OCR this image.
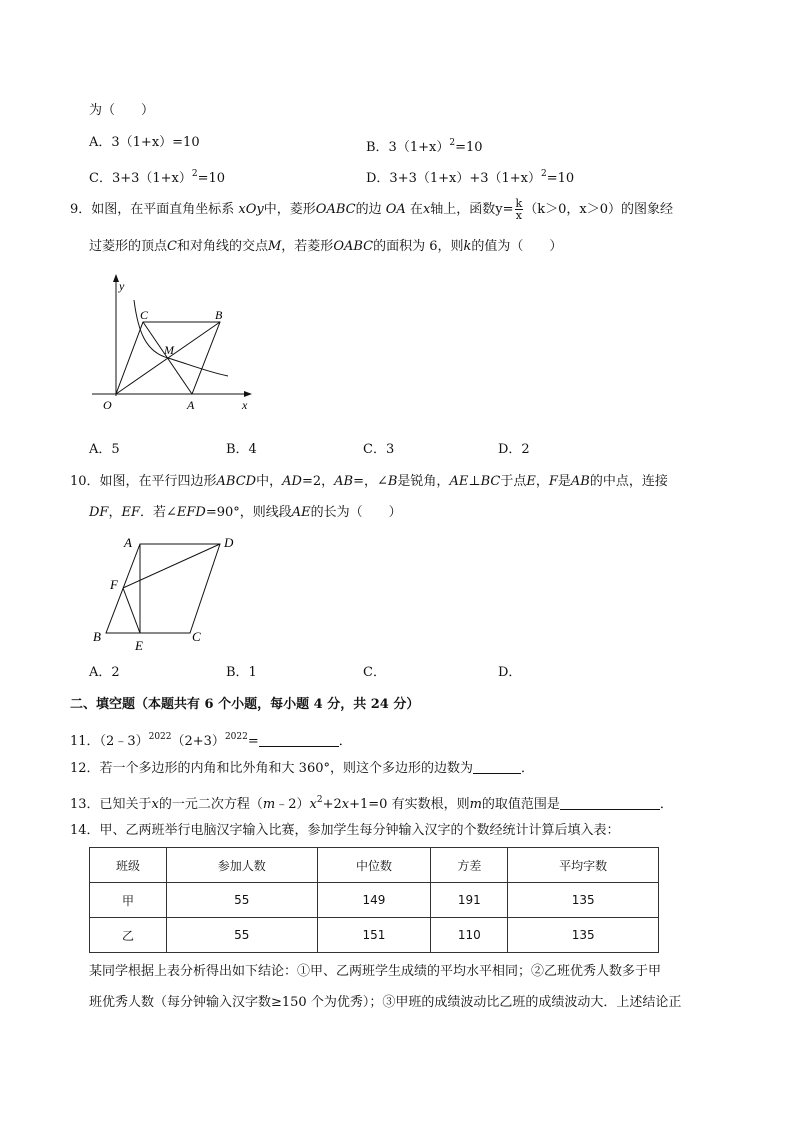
为（　　）
A．3（1+x）=10	B．$3(1+x)^2=10$
C．$3+3(1+x)^2=10$	D．$3+3(1+x)+3(1+x)^2=10$
9．如图，在平面直角坐标系 xOy中，菱形OABC的边 OA 在x轴上，函数$y= \frac{k}{x} (k>0$，x＞0）的图象经
过菱形的顶点C和对角线的交点M，若菱形OABC的面积为 6，则k的值为（　　）
y
x
O	A
B
C
M
A．5	B．4	C．3	D．2
10．如图，在平行四边形ABCD中，AD=2，AB=，∠B是锐角，AE⊥BC于点E，F是AB的中点，连接
DF，EF．若∠EFD=90°，则线段AE的长为（　　）
A	D
F
B
E
C
A．2	B．1	C．	D．
二、填空题（本题共有 6 个小题，每小题 4 分，共 24 分）
11．$(2﹣3)^{2022}(2+3)^{2022}=$	．
12．若一个多边形的内角和比外角和大 360°，则这个多边形的边数为	．
13．已知关于x的一元二次方程$(m﹣2)x^2+2x+1=0$ 有实数根，则m的取值范围是	．
14．甲、乙两班举行电脑汉字输入比赛，参加学生每分钟输入汉字的个数经统计计算后填入表：
班级	参加人数	中位数	方差	平均字数
甲	55	149	191	135
乙	55	151	110	135
某同学根据上表分析得出如下结论：①甲、乙两班学生成绩的平均水平相同；②乙班优秀人数多于甲
班优秀人数（每分钟输入汉字数≥150 个为优秀）；③甲班的成绩波动比乙班的成绩波动大．上述结论正
